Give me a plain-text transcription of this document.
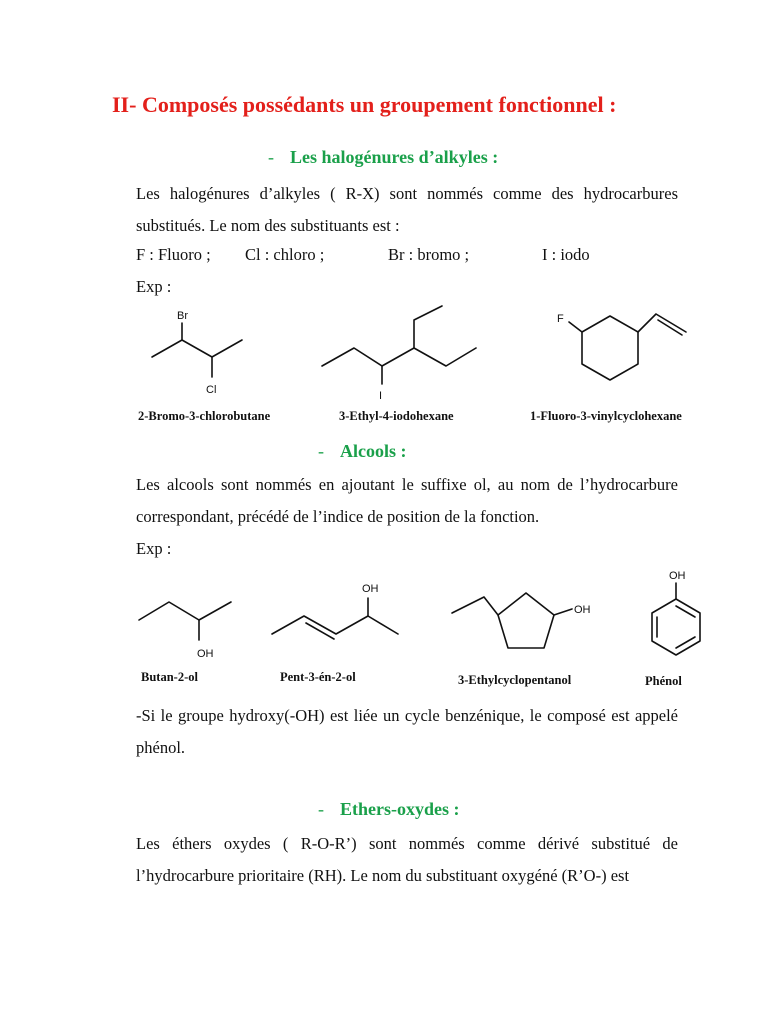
II- Composés possédants un groupement fonctionnel :
- Les halogénures d’alkyles :
Les halogénures d’alkyles ( R-X) sont nommés comme des hydrocarbures substitués. Le nom des substituants est :
F : Fluoro ; Cl : chloro ;	Br : bromo ;	I : iodo
Exp :
Br
Cl
2-Bromo-3-chlorobutane
I
3-Ethyl-4-iodohexane
F
1-Fluoro-3-vinylcyclohexane
- Alcools :
Les alcools sont nommés en ajoutant le suffixe ol, au nom de l’hydrocarbure correspondant, précédé de l’indice de position de la fonction.
Exp :
OH
Butan-2-ol
OH
Pent-3-én-2-ol
OH
3-Ethylcyclopentanol
OH
Phénol
-Si le groupe hydroxy(-OH) est liée un cycle benzénique, le composé est appelé phénol.
- Ethers-oxydes :
Les éthers oxydes ( R-O-R’) sont nommés comme dérivé substitué de l’hydrocarbure prioritaire (RH). Le nom du substituant oxygéné (R’O-) est
